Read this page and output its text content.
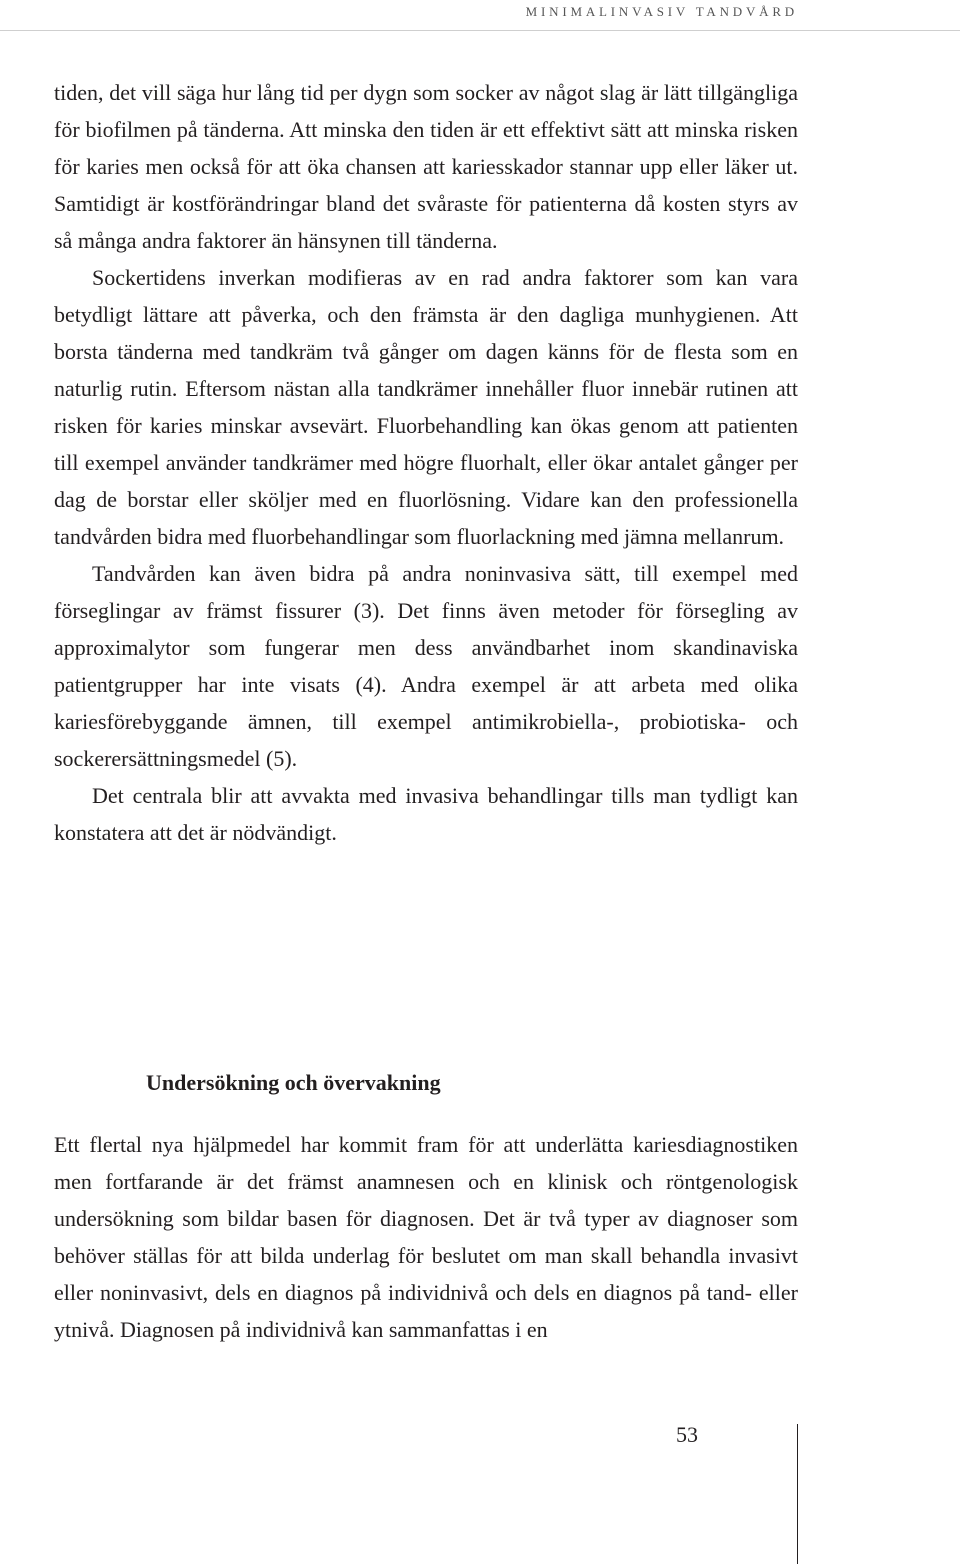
MINIMALINVASIV TANDVÅRD

tiden, det vill säga hur lång tid per dygn som socker av något slag är lätt tillgängliga för biofilmen på tänderna. Att minska den tiden är ett effektivt sätt att minska risken för karies men också för att öka chansen att kariesskador stannar upp eller läker ut. Samtidigt är kostförändringar bland det svåraste för patienterna då kosten styrs av så många andra faktorer än hänsynen till tänderna.

Sockertidens inverkan modifieras av en rad andra faktorer som kan vara betydligt lättare att påverka, och den främsta är den dagliga munhygienen. Att borsta tänderna med tandkräm två gånger om dagen känns för de flesta som en naturlig rutin. Eftersom nästan alla tandkrämer innehåller fluor innebär rutinen att risken för karies minskar avsevärt. Fluorbehandling kan ökas genom att patienten till exempel använder tandkrämer med högre fluorhalt, eller ökar antalet gånger per dag de borstar eller sköljer med en fluorlösning. Vidare kan den professionella tandvården bidra med fluorbehandlingar som fluorlackning med jämna mellanrum.

Tandvården kan även bidra på andra noninvasiva sätt, till exempel med förseglingar av främst fissurer (3). Det finns även metoder för försegling av approximalytor som fungerar men dess användbarhet inom skandinaviska patientgrupper har inte visats (4). Andra exempel är att arbeta med olika kariesförebyggande ämnen, till exempel antimikrobiella-, probiotiska- och sockerersättningsmedel (5).

Det centrala blir att avvakta med invasiva behandlingar tills man tydligt kan konstatera att det är nödvändigt.

Undersökning och övervakning

Ett flertal nya hjälpmedel har kommit fram för att underlätta kariesdiagnostiken men fortfarande är det främst anamnesen och en klinisk och röntgenologisk undersökning som bildar basen för diagnosen. Det är två typer av diagnoser som behöver ställas för att bilda underlag för beslutet om man skall behandla invasivt eller noninvasivt, dels en diagnos på individnivå och dels en diagnos på tand- eller ytnivå. Diagnosen på individnivå kan sammanfattas i en

53
